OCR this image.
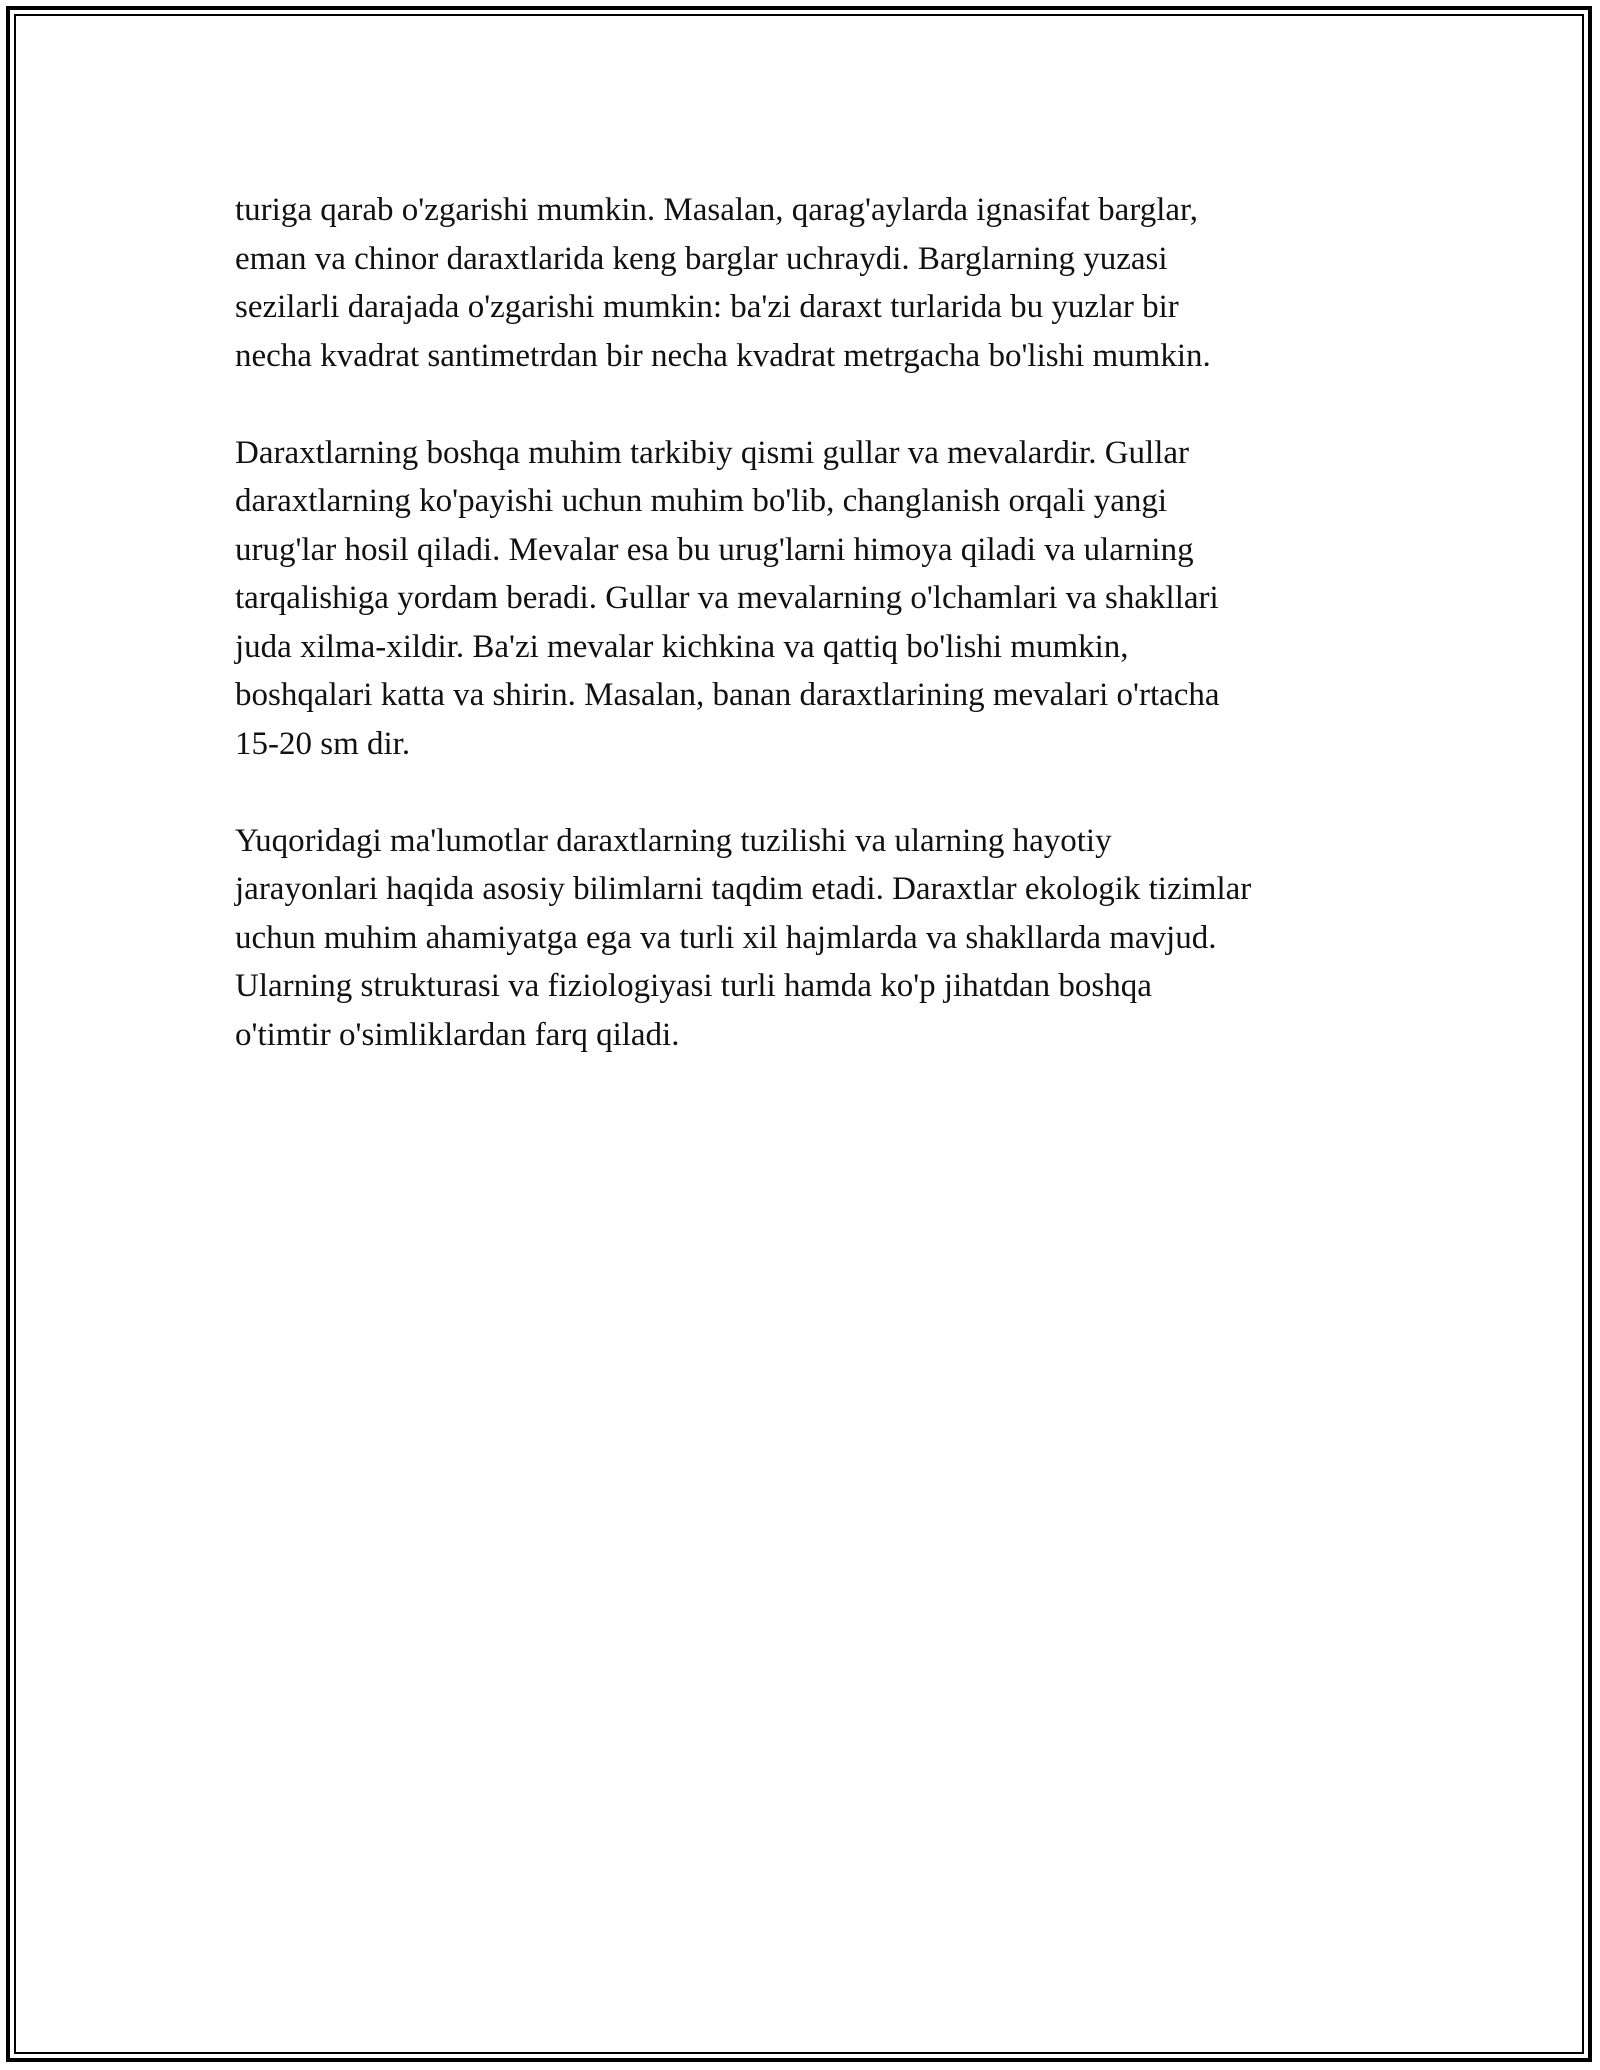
turiga qarab o'zgarishi mumkin. Masalan, qarag'aylarda ignasifat barglar,
eman va chinor daraxtlarida keng barglar uchraydi. Barglarning yuzasi
sezilarli darajada o'zgarishi mumkin: ba'zi daraxt turlarida bu yuzlar bir
necha kvadrat santimetrdan bir necha kvadrat metrgacha bo'lishi mumkin.

Daraxtlarning boshqa muhim tarkibiy qismi gullar va mevalardir. Gullar
daraxtlarning ko'payishi uchun muhim bo'lib, changlanish orqali yangi
urug'lar hosil qiladi. Mevalar esa bu urug'larni himoya qiladi va ularning
tarqalishiga yordam beradi. Gullar va mevalarning o'lchamlari va shakllari
juda xilma-xildir. Ba'zi mevalar kichkina va qattiq bo'lishi mumkin,
boshqalari katta va shirin. Masalan, banan daraxtlarining mevalari o'rtacha
15-20 sm dir.

Yuqoridagi ma'lumotlar daraxtlarning tuzilishi va ularning hayotiy
jarayonlari haqida asosiy bilimlarni taqdim etadi. Daraxtlar ekologik tizimlar
uchun muhim ahamiyatga ega va turli xil hajmlarda va shakllarda mavjud.
Ularning strukturasi va fiziologiyasi turli hamda ko'p jihatdan boshqa
o'timtir o'simliklardan farq qiladi.
